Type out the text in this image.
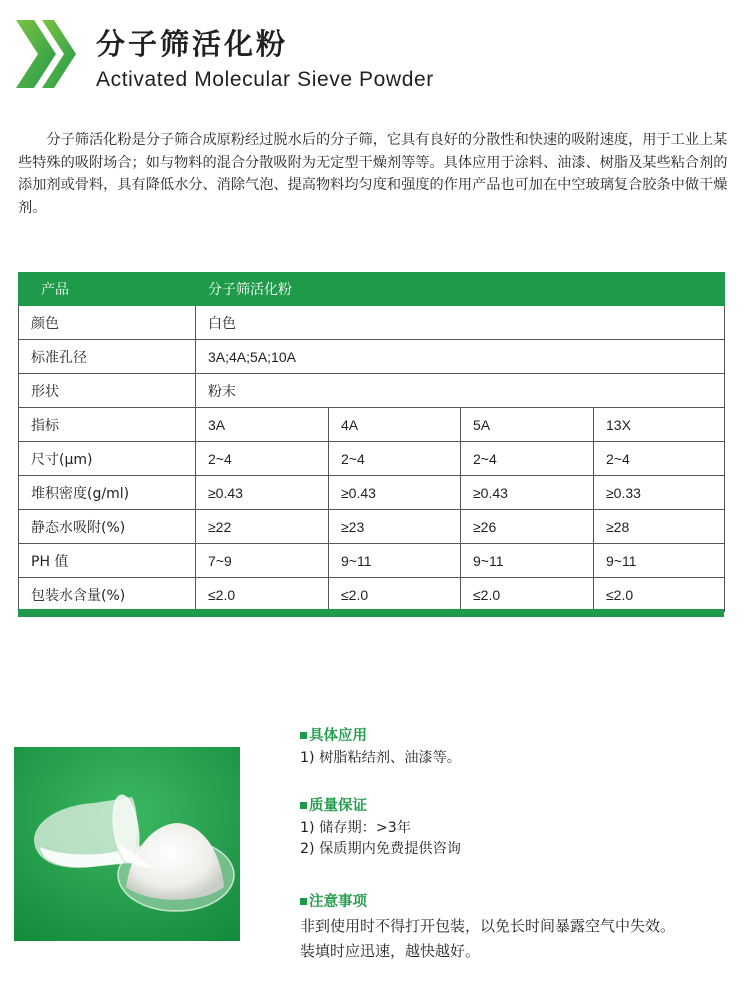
分子筛活化粉
Activated Molecular Sieve Powder
分子筛活化粉是分子筛合成原粉经过脱水后的分子筛，它具有良好的分散性和快速的吸附速度，用于工业上某些特殊的吸附场合；如与物料的混合分散吸附为无定型干燥剂等等。具体应用于涂料、油漆、树脂及某些粘合剂的添加剂或骨料，具有降低水分、消除气泡、提高物料均匀度和强度的作用产品也可加在中空玻璃复合胶条中做干燥剂。
产品	分子筛活化粉			
颜色	白色			
标准孔径	3A;4A;5A;10A			
形状	粉末			
指标	3A	4A	5A	13X
尺寸(μm)	2~4	2~4	2~4	2~4
堆积密度(g/ml)	≥0.43	≥0.43	≥0.43	≥0.33
静态水吸附(%)	≥22	≥23	≥26	≥28
PH 值	7~9	9~11	9~11	9~11
包装水含量(%)	≤2.0	≤2.0	≤2.0	≤2.0
具体应用
1) 树脂粘结剂、油漆等。
质量保证
1) 储存期：>3年
2) 保质期内免费提供咨询
注意事项
非到使用时不得打开包装，以免长时间暴露空气中失效。
装填时应迅速，越快越好。
